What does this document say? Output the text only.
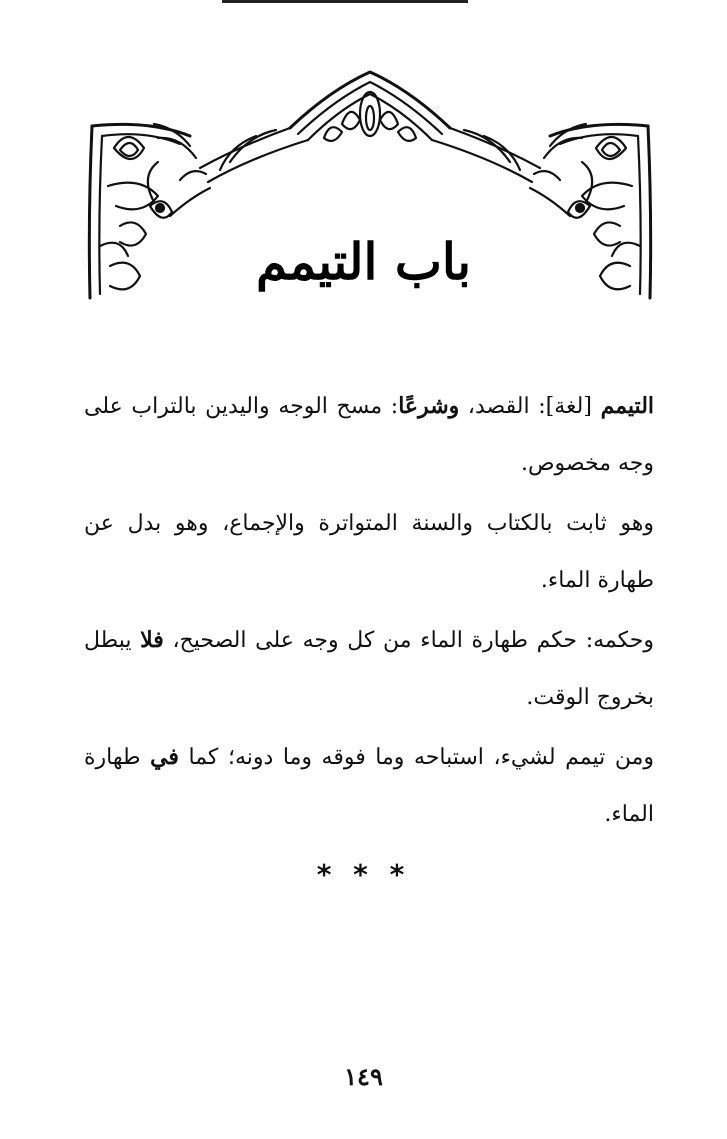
باب التيمم

التيمم [لغة]: القصد، وشرعًا: مسح الوجه واليدين بالتراب على وجه مخصوص.

وهو ثابت بالكتاب والسنة المتواترة والإجماع، وهو بدل عن طهارة الماء.

وحكمه: حكم طهارة الماء من كل وجه على الصحيح، فلا يبطل بخروج الوقت.

ومن تيمم لشيء، استباحه وما فوقه وما دونه؛ كما في طهارة الماء.

* * *
١٤٩
